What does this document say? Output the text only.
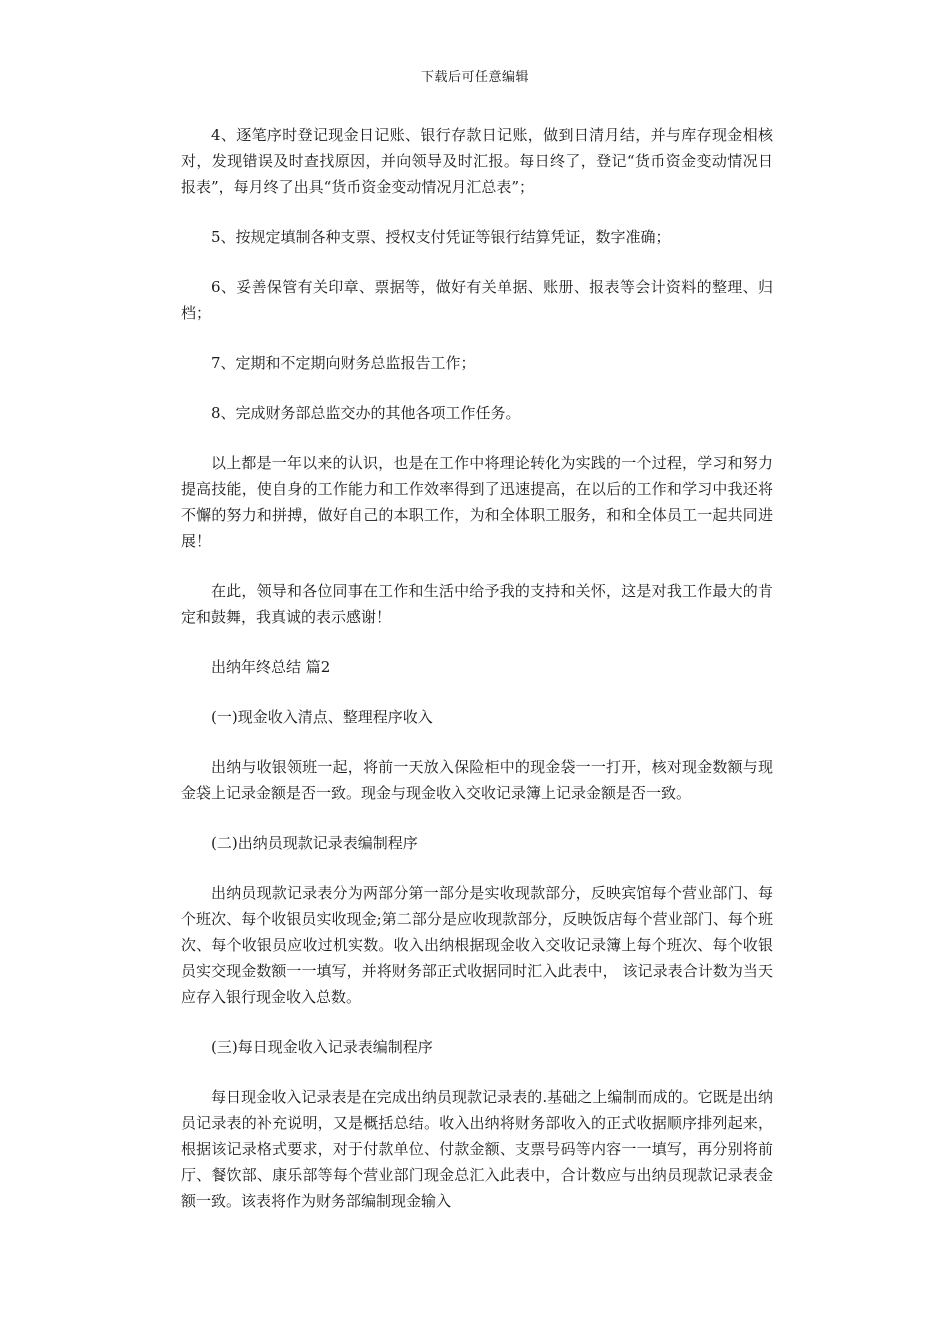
下载后可任意编辑

4、逐笔序时登记现金日记账、银行存款日记账，做到日清月结，并与库存现金相核对，发现错误及时查找原因，并向领导及时汇报。每日终了，登记“货币资金变动情况日报表”，每月终了出具“货币资金变动情况月汇总表”；

5、按规定填制各种支票、授权支付凭证等银行结算凭证，数字准确；

6、妥善保管有关印章、票据等，做好有关单据、账册、报表等会计资料的整理、归档；

7、定期和不定期向财务总监报告工作；

8、完成财务部总监交办的其他各项工作任务。

以上都是一年以来的认识，也是在工作中将理论转化为实践的一个过程，学习和努力提高技能，使自身的工作能力和工作效率得到了迅速提高，在以后的工作和学习中我还将不懈的努力和拼搏，做好自己的本职工作，为和全体职工服务，和和全体员工一起共同进展！

在此，领导和各位同事在工作和生活中给予我的支持和关怀，这是对我工作最大的肯定和鼓舞，我真诚的表示感谢！

出纳年终总结 篇2

(一)现金收入清点、整理程序收入

出纳与收银领班一起，将前一天放入保险柜中的现金袋一一打开，核对现金数额与现金袋上记录金额是否一致。现金与现金收入交收记录簿上记录金额是否一致。

(二)出纳员现款记录表编制程序

出纳员现款记录表分为两部分第一部分是实收现款部分，反映宾馆每个营业部门、每个班次、每个收银员实收现金;第二部分是应收现款部分，反映饭店每个营业部门、每个班次、每个收银员应收过机实数。收入出纳根据现金收入交收记录簿上每个班次、每个收银员实交现金数额一一填写，并将财务部正式收据同时汇入此表中， 该记录表合计数为当天应存入银行现金收入总数。

(三)每日现金收入记录表编制程序

每日现金收入记录表是在完成出纳员现款记录表的.基础之上编制而成的。它既是出纳员记录表的补充说明，又是概括总结。收入出纳将财务部收入的正式收据顺序排列起来，根据该记录格式要求，对于付款单位、付款金额、支票号码等内容一一填写，再分别将前厅、餐饮部、康乐部等每个营业部门现金总汇入此表中，合计数应与出纳员现款记录表金额一致。该表将作为财务部编制现金输入
